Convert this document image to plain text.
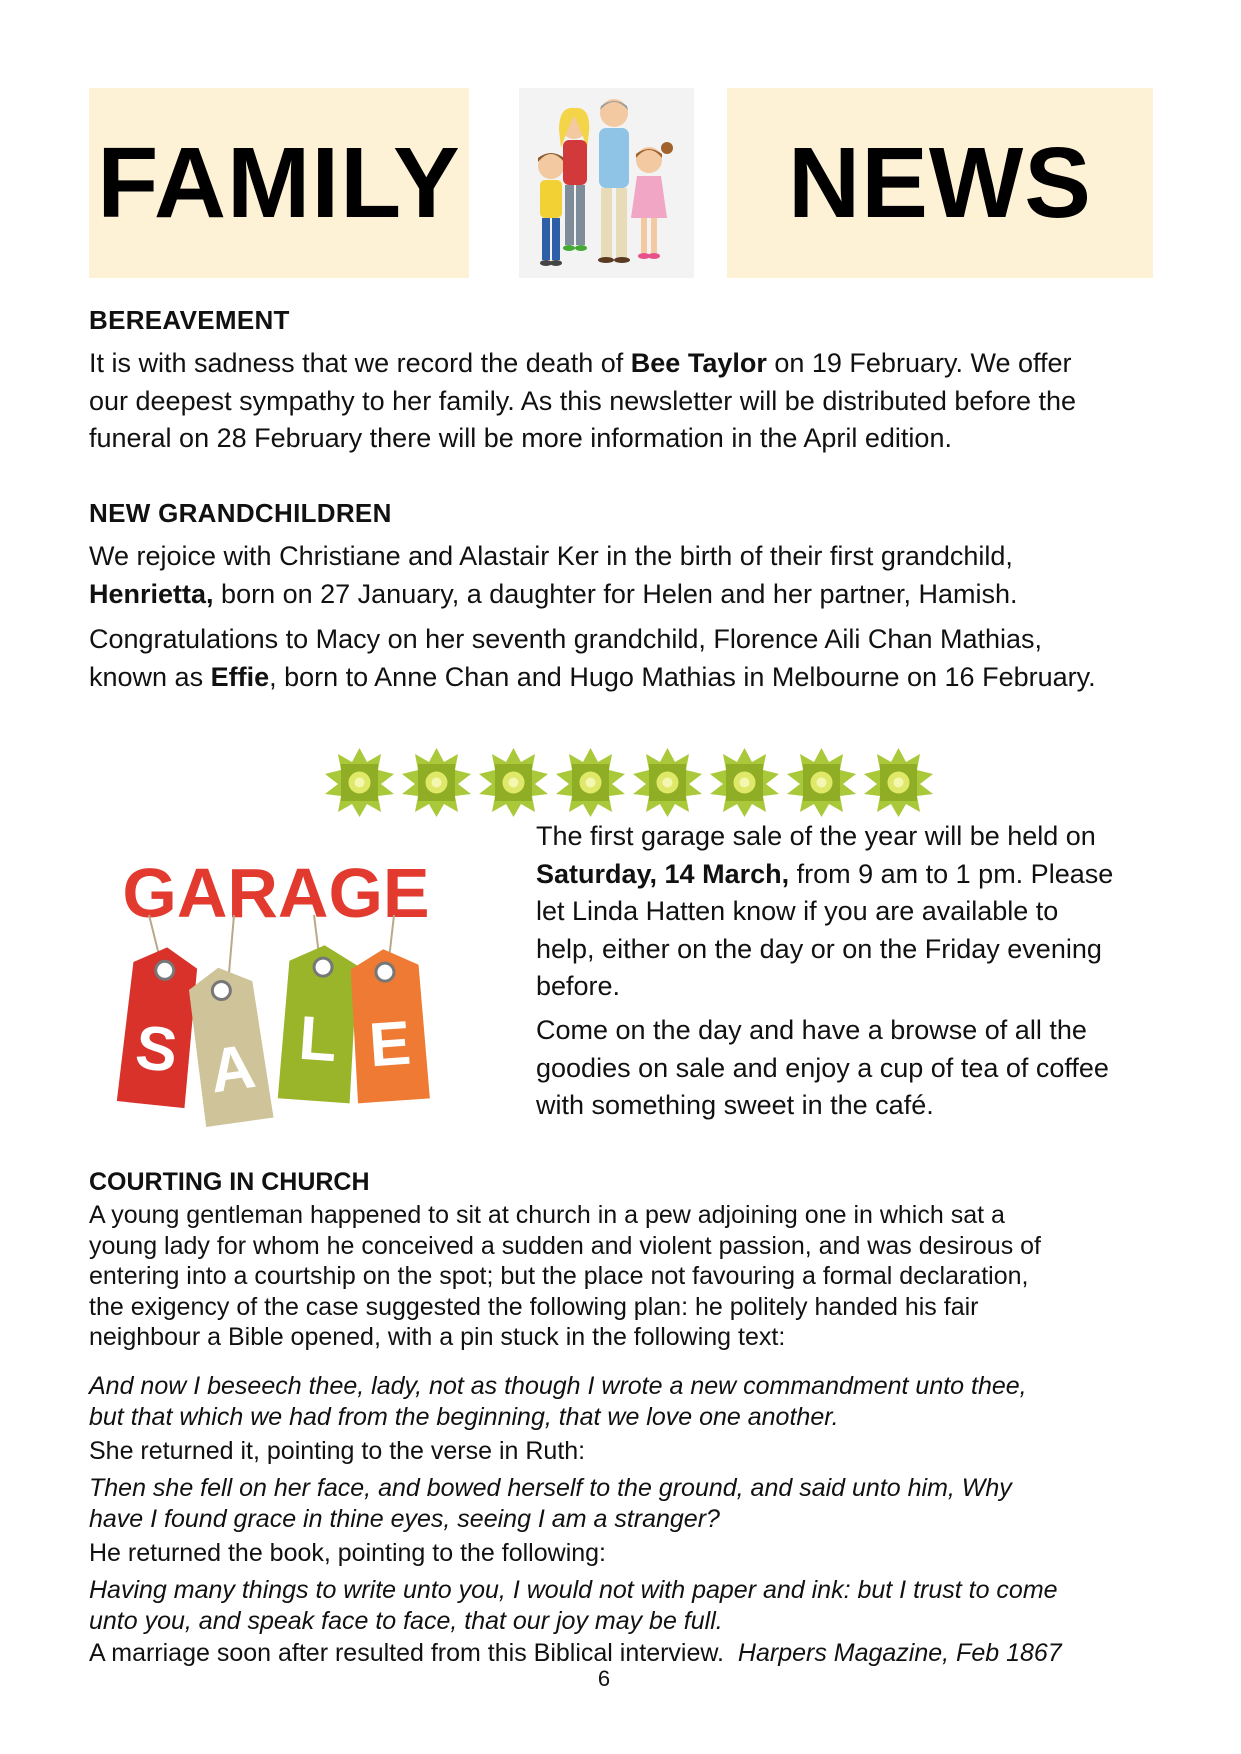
FAMILY	NEWS
BEREAVEMENT
It is with sadness that we record the death of Bee Taylor on 19 February. We offer
our deepest sympathy to her family. As this newsletter will be distributed before the
funeral on 28 February there will be more information in the April edition.
NEW GRANDCHILDREN
We rejoice with Christiane and Alastair Ker in the birth of their first grandchild,
Henrietta, born on 27 January, a daughter for Helen and her partner, Hamish.
Congratulations to Macy on her seventh grandchild, Florence Aili Chan Mathias,
known as Effie, born to Anne Chan and Hugo Mathias in Melbourne on 16 February.
GARAGE
S A L E
The first garage sale of the year will be held on
Saturday, 14 March, from 9 am to 1 pm. Please
let Linda Hatten know if you are available to
help, either on the day or on the Friday evening
before.
Come on the day and have a browse of all the
goodies on sale and enjoy a cup of tea of coffee
with something sweet in the café.
COURTING IN CHURCH
A young gentleman happened to sit at church in a pew adjoining one in which sat a
young lady for whom he conceived a sudden and violent passion, and was desirous of
entering into a courtship on the spot; but the place not favouring a formal declaration,
the exigency of the case suggested the following plan: he politely handed his fair
neighbour a Bible opened, with a pin stuck in the following text:
And now I beseech thee, lady, not as though I wrote a new commandment unto thee,
but that which we had from the beginning, that we love one another.
She returned it, pointing to the verse in Ruth:
Then she fell on her face, and bowed herself to the ground, and said unto him, Why
have I found grace in thine eyes, seeing I am a stranger?
He returned the book, pointing to the following:
Having many things to write unto you, I would not with paper and ink: but I trust to come
unto you, and speak face to face, that our joy may be full.
A marriage soon after resulted from this Biblical interview. Harpers Magazine, Feb 1867
6
